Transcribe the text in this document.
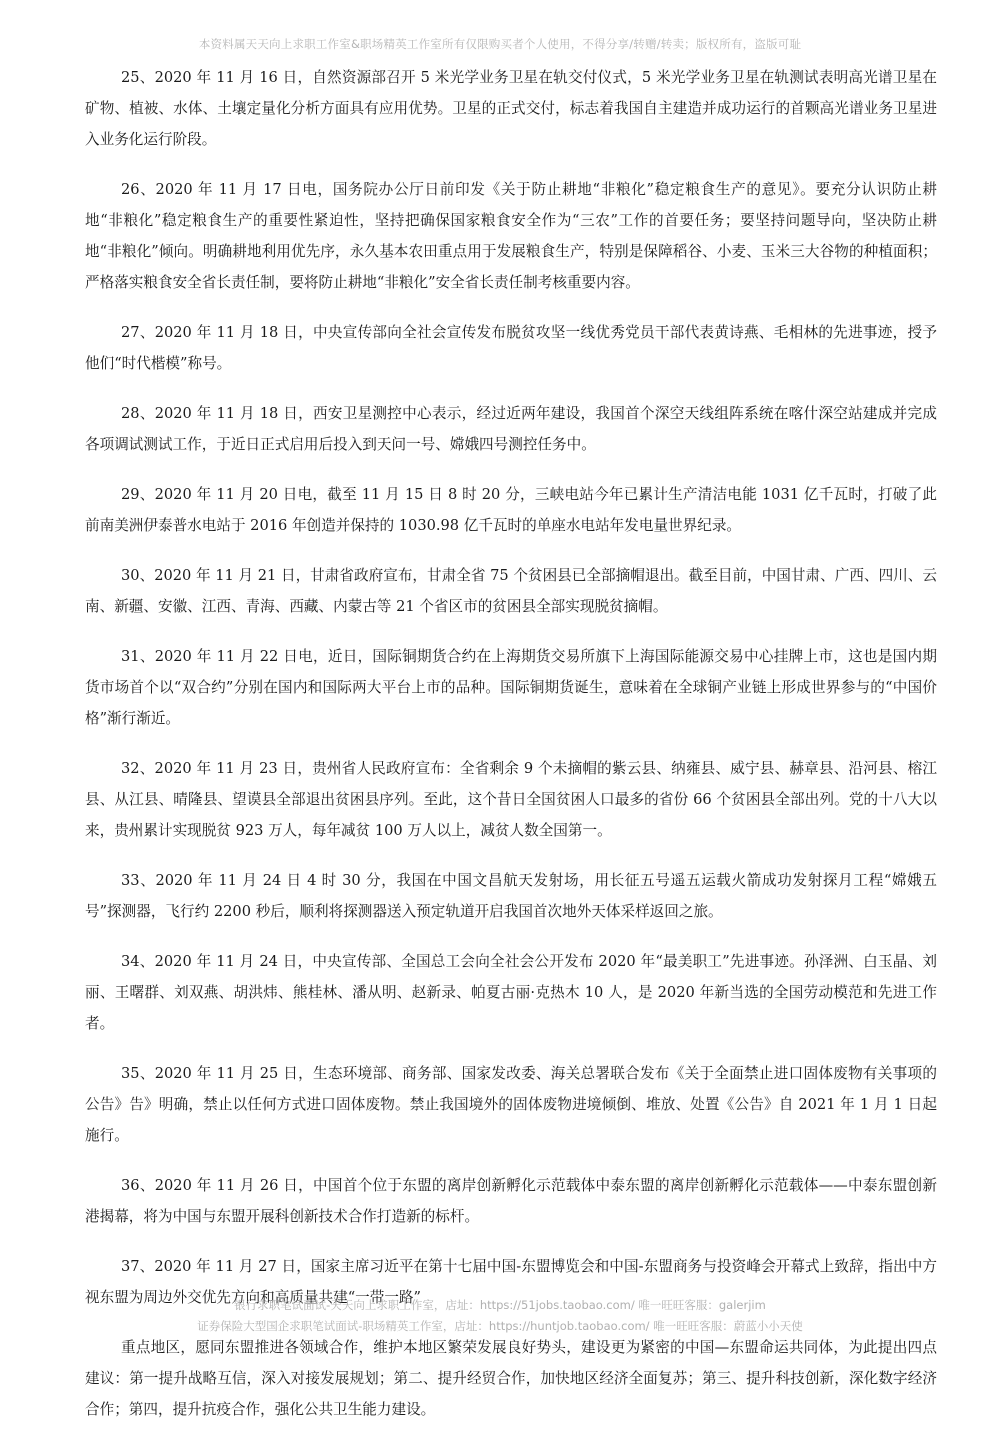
本资料属天天向上求职工作室&职场精英工作室所有仅限购买者个人使用，不得分享/转赠/转卖；版权所有，盗版可耻

25、2020 年 11 月 16 日，自然资源部召开 5 米光学业务卫星在轨交付仪式，5 米光学业务卫星在轨测试表明高光谱卫星在矿物、植被、水体、土壤定量化分析方面具有应用优势。卫星的正式交付，标志着我国自主建造并成功运行的首颗高光谱业务卫星进入业务化运行阶段。

26、2020 年 11 月 17 日电，国务院办公厅日前印发《关于防止耕地“非粮化”稳定粮食生产的意见》。要充分认识防止耕地“非粮化”稳定粮食生产的重要性紧迫性，坚持把确保国家粮食安全作为“三农”工作的首要任务；要坚持问题导向，坚决防止耕地“非粮化”倾向。明确耕地利用优先序，永久基本农田重点用于发展粮食生产，特别是保障稻谷、小麦、玉米三大谷物的种植面积；严格落实粮食安全省长责任制，要将防止耕地“非粮化”安全省长责任制考核重要内容。

27、2020 年 11 月 18 日，中央宣传部向全社会宣传发布脱贫攻坚一线优秀党员干部代表黄诗燕、毛相林的先进事迹，授予他们“时代楷模”称号。

28、2020 年 11 月 18 日，西安卫星测控中心表示，经过近两年建设，我国首个深空天线组阵系统在喀什深空站建成并完成各项调试测试工作，于近日正式启用后投入到天问一号、嫦娥四号测控任务中。

29、2020 年 11 月 20 日电，截至 11 月 15 日 8 时 20 分，三峡电站今年已累计生产清洁电能 1031 亿千瓦时，打破了此前南美洲伊泰普水电站于 2016 年创造并保持的 1030.98 亿千瓦时的单座水电站年发电量世界纪录。

30、2020 年 11 月 21 日，甘肃省政府宣布，甘肃全省 75 个贫困县已全部摘帽退出。截至目前，中国甘肃、广西、四川、云南、新疆、安徽、江西、青海、西藏、内蒙古等 21 个省区市的贫困县全部实现脱贫摘帽。

31、2020 年 11 月 22 日电，近日，国际铜期货合约在上海期货交易所旗下上海国际能源交易中心挂牌上市，这也是国内期货市场首个以“双合约”分别在国内和国际两大平台上市的品种。国际铜期货诞生，意味着在全球铜产业链上形成世界参与的“中国价格”渐行渐近。

32、2020 年 11 月 23 日，贵州省人民政府宣布：全省剩余 9 个未摘帽的紫云县、纳雍县、威宁县、赫章县、沿河县、榕江县、从江县、晴隆县、望谟县全部退出贫困县序列。至此，这个昔日全国贫困人口最多的省份 66 个贫困县全部出列。党的十八大以来，贵州累计实现脱贫 923 万人，每年减贫 100 万人以上，减贫人数全国第一。

33、2020 年 11 月 24 日 4 时 30 分，我国在中国文昌航天发射场，用长征五号遥五运载火箭成功发射探月工程“嫦娥五号”探测器，飞行约 2200 秒后，顺利将探测器送入预定轨道开启我国首次地外天体采样返回之旅。

34、2020 年 11 月 24 日，中央宣传部、全国总工会向全社会公开发布 2020 年“最美职工”先进事迹。孙泽洲、白玉晶、刘丽、王曙群、刘双燕、胡洪炜、熊桂林、潘从明、赵新录、帕夏古丽·克热木 10 人，是 2020 年新当选的全国劳动模范和先进工作者。

35、2020 年 11 月 25 日，生态环境部、商务部、国家发改委、海关总署联合发布《关于全面禁止进口固体废物有关事项的公告》告》明确，禁止以任何方式进口固体废物。禁止我国境外的固体废物进境倾倒、堆放、处置《公告》自 2021 年 1 月 1 日起施行。

36、2020 年 11 月 26 日，中国首个位于东盟的离岸创新孵化示范载体中泰东盟的离岸创新孵化示范载体——中泰东盟创新港揭幕，将为中国与东盟开展科创新技术合作打造新的标杆。

37、2020 年 11 月 27 日，国家主席习近平在第十七届中国-东盟博览会和中国-东盟商务与投资峰会开幕式上致辞，指出中方视东盟为周边外交优先方向和高质量共建“一带一路”

重点地区，愿同东盟推进各领域合作，维护本地区繁荣发展良好势头，建设更为紧密的中国—东盟命运共同体，为此提出四点建议：第一提升战略互信，深入对接发展规划；第二、提升经贸合作，加快地区经济全面复苏；第三、提升科技创新，深化数字经济合作；第四，提升抗疫合作，强化公共卫生能力建设。

银行求职笔试面试-天天向上求职工作室，店址：https://51jobs.taobao.com/ 唯一旺旺客服：galerjim
证券保险大型国企求职笔试面试-职场精英工作室，店址：https://huntjob.taobao.com/ 唯一旺旺客服：蔚蓝小小天使
